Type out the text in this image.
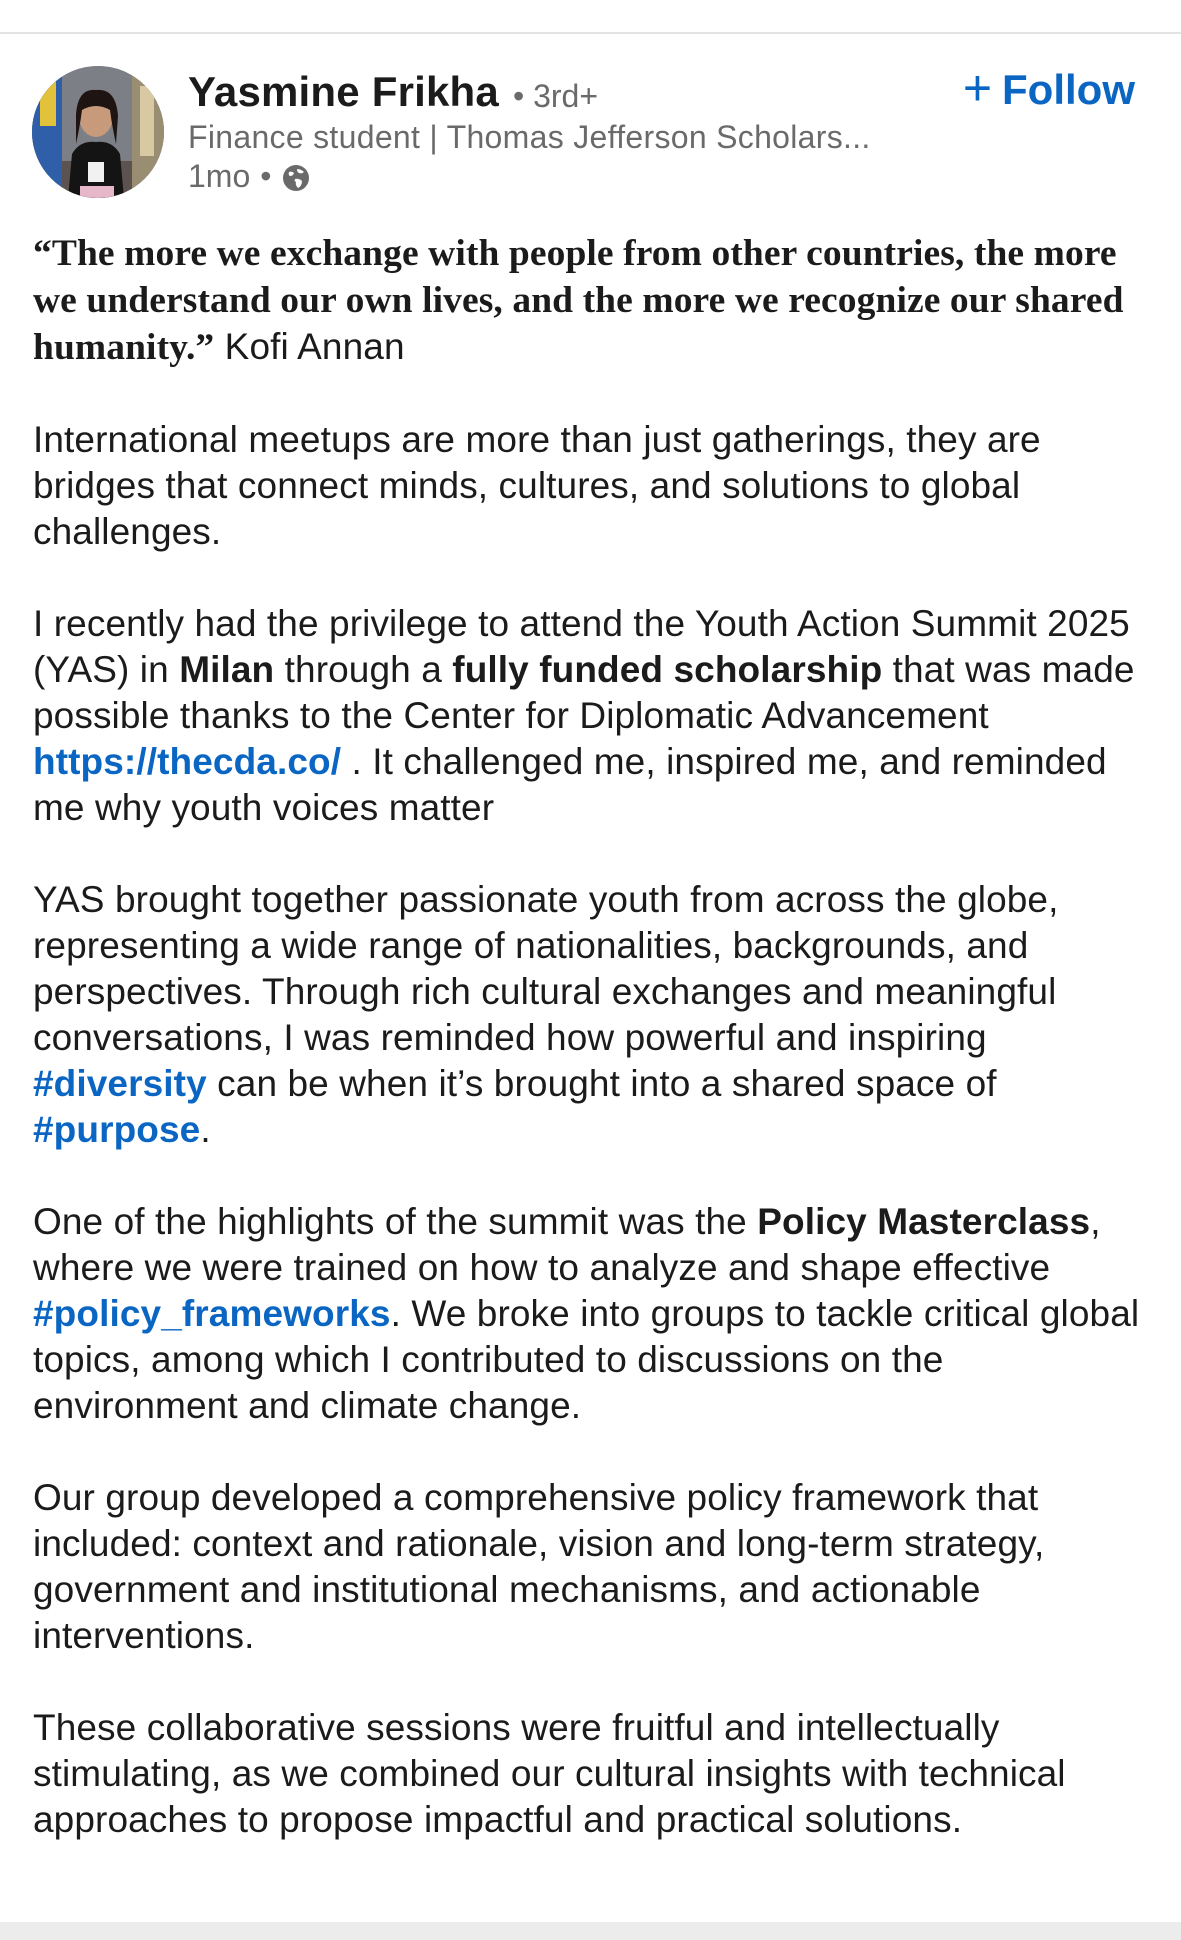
Yasmine Frikha • 3rd+
Finance student | Thomas Jefferson Scholars...
1mo •
+ Follow

“The more we exchange with people from other countries, the more we understand our own lives, and the more we recognize our shared humanity.” Kofi Annan

International meetups are more than just gatherings, they are bridges that connect minds, cultures, and solutions to global challenges.

I recently had the privilege to attend the Youth Action Summit 2025 (YAS) in Milan through a fully funded scholarship that was made possible thanks to the Center for Diplomatic Advancement https://thecda.co/ . It challenged me, inspired me, and reminded me why youth voices matter

YAS brought together passionate youth from across the globe, representing a wide range of nationalities, backgrounds, and perspectives. Through rich cultural exchanges and meaningful conversations, I was reminded how powerful and inspiring #diversity can be when it’s brought into a shared space of #purpose.

One of the highlights of the summit was the Policy Masterclass, where we were trained on how to analyze and shape effective #policy_frameworks. We broke into groups to tackle critical global topics, among which I contributed to discussions on the environment and climate change.

Our group developed a comprehensive policy framework that included: context and rationale, vision and long-term strategy, government and institutional mechanisms, and actionable interventions.

These collaborative sessions were fruitful and intellectually stimulating, as we combined our cultural insights with technical approaches to propose impactful and practical solutions.
